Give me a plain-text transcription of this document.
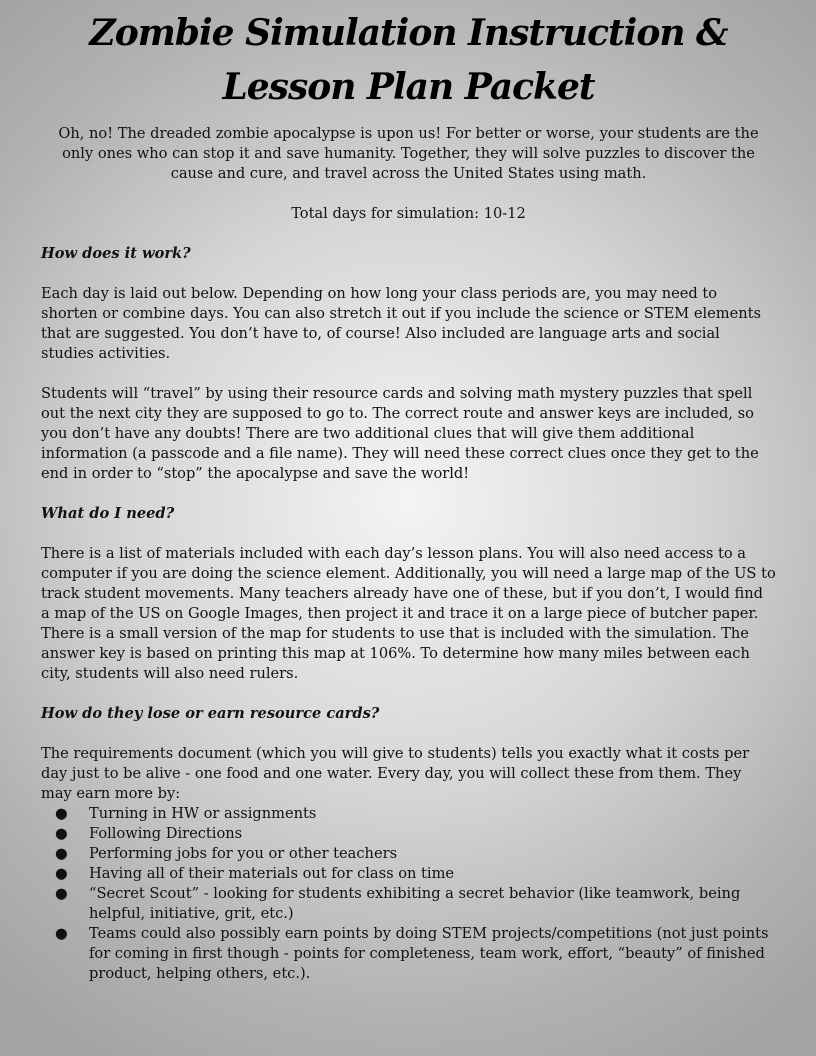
Zombie Simulation Instruction & Lesson Plan Packet

Oh, no! The dreaded zombie apocalypse is upon us! For better or worse, your students are the only ones who can stop it and save humanity. Together, they will solve puzzles to discover the cause and cure, and travel across the United States using math.

Total days for simulation: 10-12

How does it work?

Each day is laid out below. Depending on how long your class periods are, you may need to shorten or combine days. You can also stretch it out if you include the science or STEM elements that are suggested. You don’t have to, of course! Also included are language arts and social studies activities.

Students will “travel” by using their resource cards and solving math mystery puzzles that spell out the next city they are supposed to go to. The correct route and answer keys are included, so you don’t have any doubts! There are two additional clues that will give them additional information (a passcode and a file name). They will need these correct clues once they get to the end in order to “stop” the apocalypse and save the world!

What do I need?

There is a list of materials included with each day’s lesson plans. You will also need access to a computer if you are doing the science element. Additionally, you will need a large map of the US to track student movements. Many teachers already have one of these, but if you don’t, I would find a map of the US on Google Images, then project it and trace it on a large piece of butcher paper. There is a small version of the map for students to use that is included with the simulation. The answer key is based on printing this map at 106%. To determine how many miles between each city, students will also need rulers.

How do they lose or earn resource cards?

The requirements document (which you will give to students) tells you exactly what it costs per day just to be alive - one food and one water. Every day, you will collect these from them. They may earn more by:

● Turning in HW or assignments
● Following Directions
● Performing jobs for you or other teachers
● Having all of their materials out for class on time
● “Secret Scout” - looking for students exhibiting a secret behavior (like teamwork, being helpful, initiative, grit, etc.)
● Teams could also possibly earn points by doing STEM projects/competitions (not just points for coming in first though - points for completeness, team work, effort, “beauty” of finished product, helping others, etc.).
